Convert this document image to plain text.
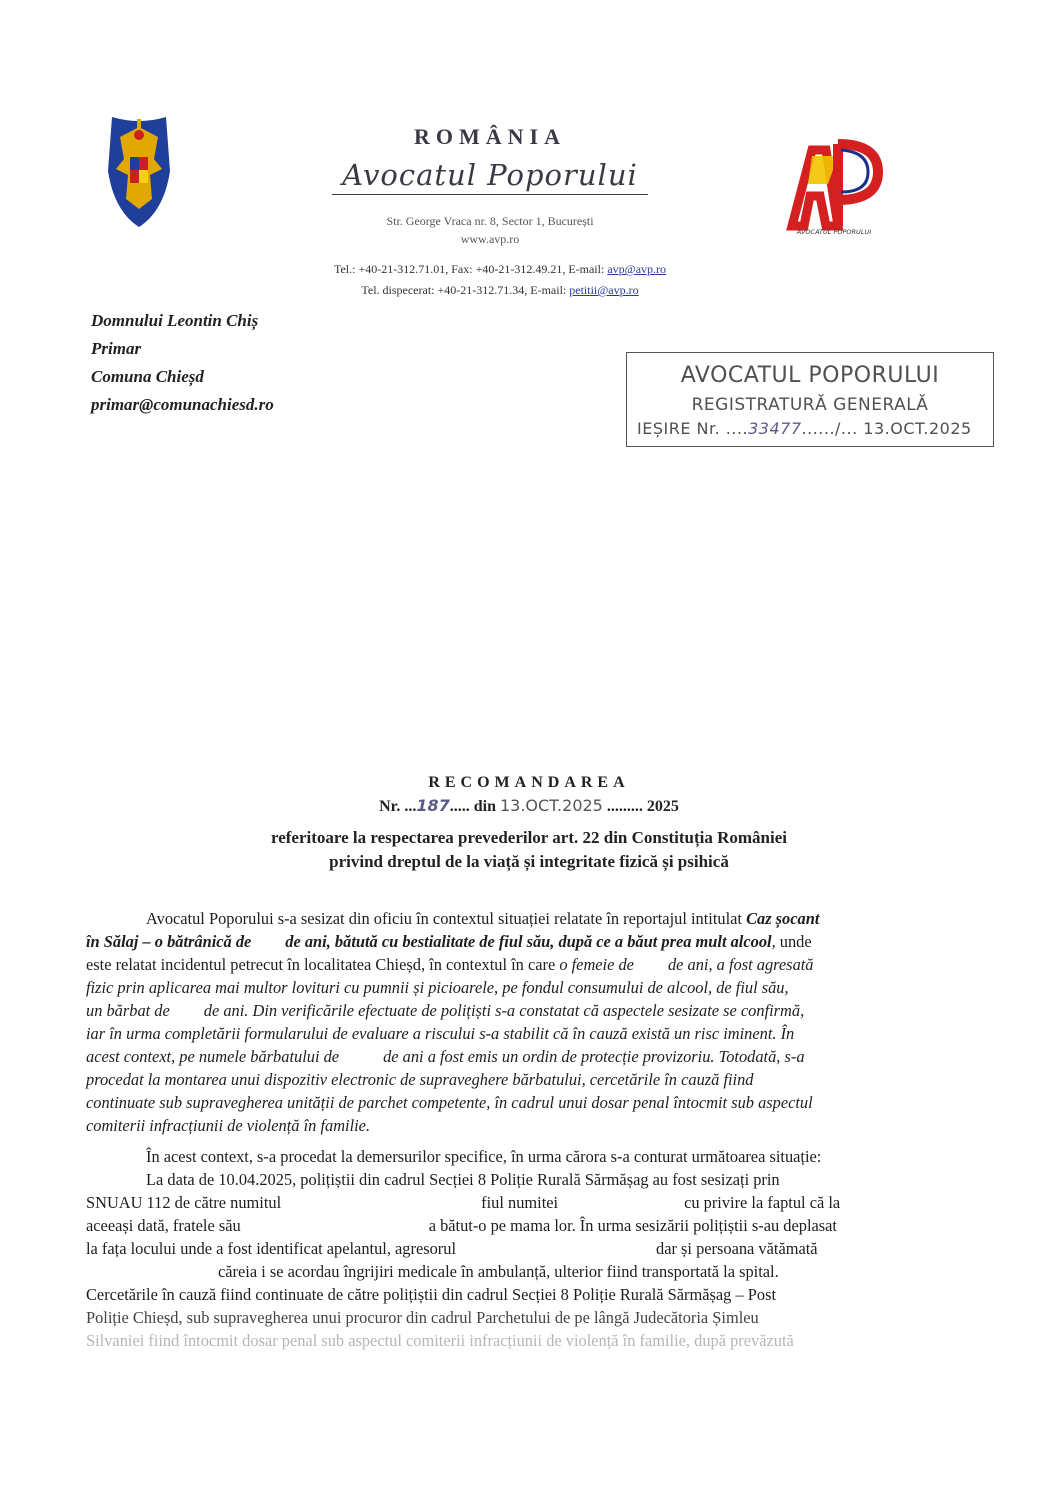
ROMÂNIA
Avocatul Poporului
Str. George Vraca nr. 8, Sector 1, București
www.avp.ro	AVOCATUL POPORULUI
Tel.: +40-21-312.71.01, Fax: +40-21-312.49.21, E-mail: avp@avp.ro
Tel. dispecerat: +40-21-312.71.34, E-mail: petitii@avp.ro
Domnului Leontin Chiș
Primar
Comuna Chieșd
primar@comunachiesd.ro
AVOCATUL POPORULUI
REGISTRATURĂ GENERALĂ
IEȘIRE Nr. ....33477....../... 13.OCT.2025
RECOMANDAREA
Nr. ...187..... din 13.OCT.2025 ......... 2025
referitoare la respectarea prevederilor art. 22 din Constituția României
privind dreptul de la viață și integritate fizică și psihică
Avocatul Poporului s-a sesizat din oficiu în contextul situației relatate în reportajul intitulat Caz șocant
în Sălaj – o bătrânică de de ani, bătută cu bestialitate de fiul său, după ce a băut prea mult alcool, unde
este relatat incidentul petrecut în localitatea Chieșd, în contextul în care o femeie de de ani, a fost agresată
fizic prin aplicarea mai multor lovituri cu pumnii și picioarele, pe fondul consumului de alcool, de fiul său,
un bărbat de de ani. Din verificările efectuate de polițiști s-a constatat că aspectele sesizate se confirmă,
iar în urma completării formularului de evaluare a riscului s-a stabilit că în cauză există un risc iminent. În
acest context, pe numele bărbatului de	de ani a fost emis un ordin de protecție provizoriu. Totodată, s-a
procedat la montarea unui dispozitiv electronic de supraveghere bărbatului, cercetările în cauză fiind
continuate sub supravegherea unității de parchet competente, în cadrul unui dosar penal întocmit sub aspectul
comiterii infracțiunii de violență în familie.
În acest context, s-a procedat la demersurilor specifice, în urma cărora s-a conturat următoarea situație:
La data de 10.04.2025, polițiștii din cadrul Secției 8 Poliție Rurală Sărmășag au fost sesizați prin
SNUAU 112 de către numitul	fiul numitei	cu privire la faptul că la
aceeași dată, fratele său	a bătut-o pe mama lor. În urma sesizării polițiștii s-au deplasat
la fața locului unde a fost identificat apelantul, agresorul	dar și persoana vătămată
căreia i se acordau îngrijiri medicale în ambulanță, ulterior fiind transportată la spital.
Cercetările în cauză fiind continuate de către polițiștii din cadrul Secției 8 Poliție Rurală Sărmășag – Post
Poliție Chieșd, sub supravegherea unui procuror din cadrul Parchetului de pe lângă Judecătoria Șimleu
Silvaniei fiind întocmit dosar penal sub aspectul comiterii infracțiunii de violență în familie, după prevăzută
